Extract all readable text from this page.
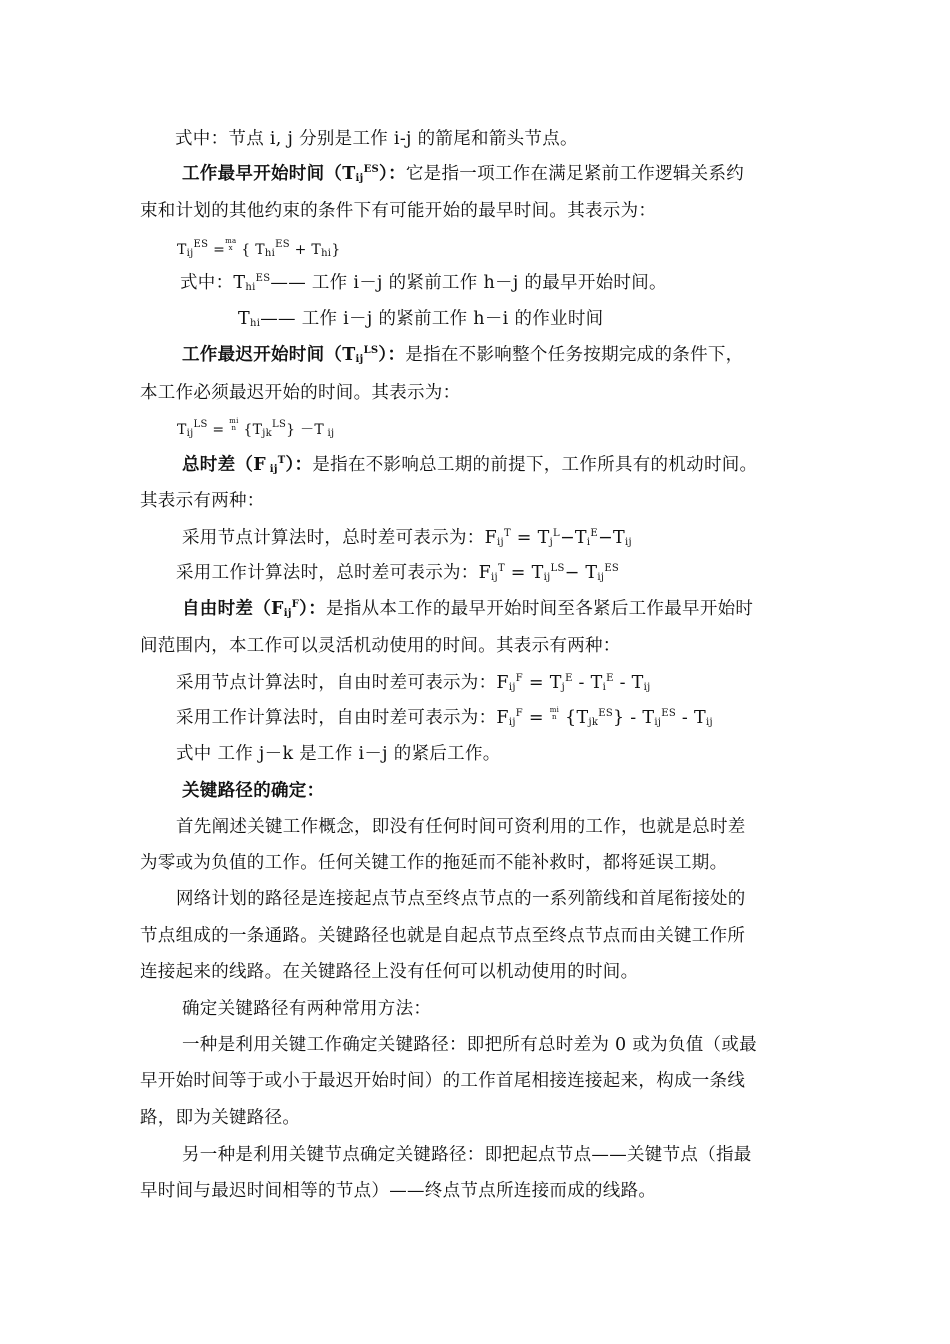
式中：节点 i, j 分别是工作 i-j 的箭尾和箭头节点。
工作最早开始时间$(T_{ij}^{ES})$：它是指一项工作在满足紧前工作逻辑关系约
束和计划的其他约束的条件下有可能开始的最早时间。其表示为：
$T_{ij}^{ES} =ma$
x { $T_{hi}^{ES} + T_{hi}$}
式中：$T_{hi}^{ES}——$ 工作 i－j 的紧前工作 h－j 的最早开始时间。
$T_{hi}——$ 工作 i－j 的紧前工作 h－i 的作业时间
工作最迟开始时间$(T_{ij}^{LS})$：是指在不影响整个任务按期完成的条件下，
本工作必须最迟开始的时间。其表示为：
$T_{ij}^{LS}$ = mi
n $\{T_{jk}^{LS}\} -T$ $_{ij}$
总时差（F $_{ij}^T$）：是指在不影响总工期的前提下，工作所具有的机动时间。
其表示有两种：
采用节点计算法时，总时差可表示为：$F_{ij}^T = T_j^L-T_i^E-T_{ij}$
采用工作计算法时，总时差可表示为：$F_{ij}^T = T_{ij}^{LS}- T_{ij}^{ES}$
自由时差$(F_{ij}^F)$：是指从本工作的最早开始时间至各紧后工作最早开始时
间范围内，本工作可以灵活机动使用的时间。其表示有两种：
采用节点计算法时，自由时差可表示为：$F_{ij}^F = T_j^E - T_i^E - T_{ij}$
采用工作计算法时，自由时差可表示为：$F_{ij}^F$ = mi
n $\{T_{jk}^{ES}\} - T_{ij}^{ES} - T_{ij}$
式中 工作 j－k 是工作 i－j 的紧后工作。
关键路径的确定：
首先阐述关键工作概念，即没有任何时间可资利用的工作，也就是总时差
为零或为负值的工作。任何关键工作的拖延而不能补救时，都将延误工期。
网络计划的路径是连接起点节点至终点节点的一系列箭线和首尾衔接处的
节点组成的一条通路。关键路径也就是自起点节点至终点节点而由关键工作所
连接起来的线路。在关键路径上没有任何可以机动使用的时间。
确定关键路径有两种常用方法：
一种是利用关键工作确定关键路径：即把所有总时差为 0 或为负值（或最
早开始时间等于或小于最迟开始时间）的工作首尾相接连接起来，构成一条线
路，即为关键路径。
另一种是利用关键节点确定关键路径：即把起点节点——关键节点（指最
早时间与最迟时间相等的节点）——终点节点所连接而成的线路。
